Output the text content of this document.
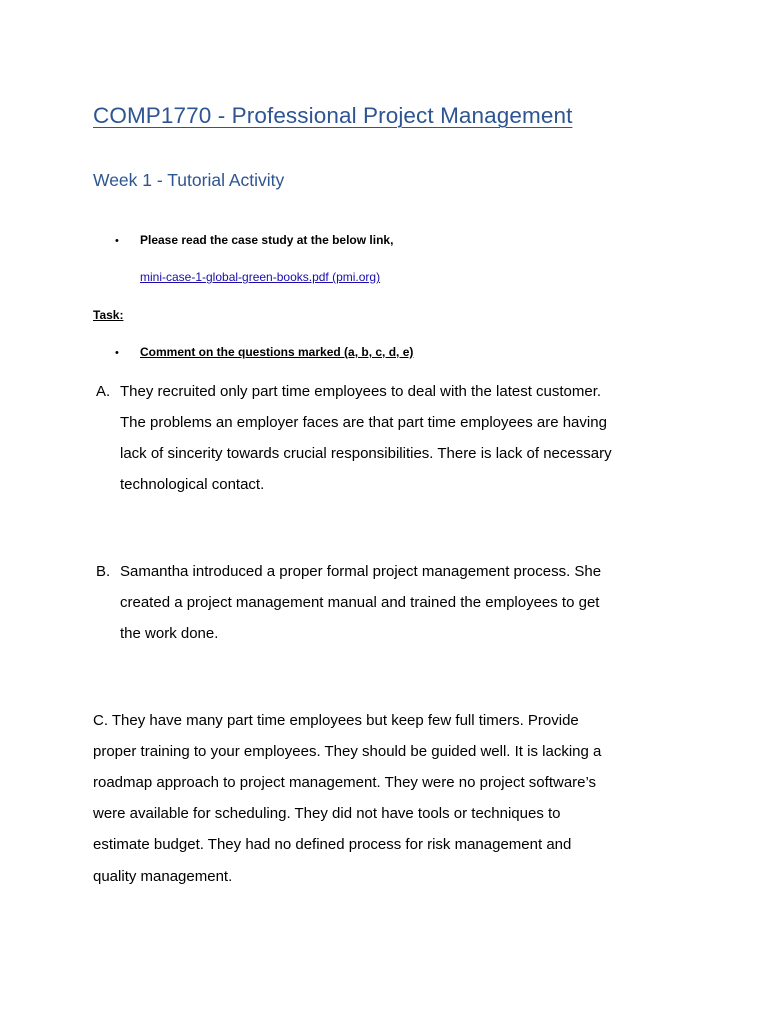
COMP1770 - Professional Project Management
Week 1 - Tutorial Activity
• Please read the case study at the below link,
mini-case-1-global-green-books.pdf (pmi.org)
Task:
• Comment on the questions marked (a, b, c, d, e)
A. They recruited only part time employees to deal with the latest customer.
The problems an employer faces are that part time employees are having
lack of sincerity towards crucial responsibilities. There is lack of necessary
technological contact.
B. Samantha introduced a proper formal project management process. She
created a project management manual and trained the employees to get
the work done.
C. They have many part time employees but keep few full timers. Provide
proper training to your employees. They should be guided well. It is lacking a
roadmap approach to project management. They were no project software’s
were available for scheduling. They did not have tools or techniques to
estimate budget. They had no defined process for risk management and
quality management.
